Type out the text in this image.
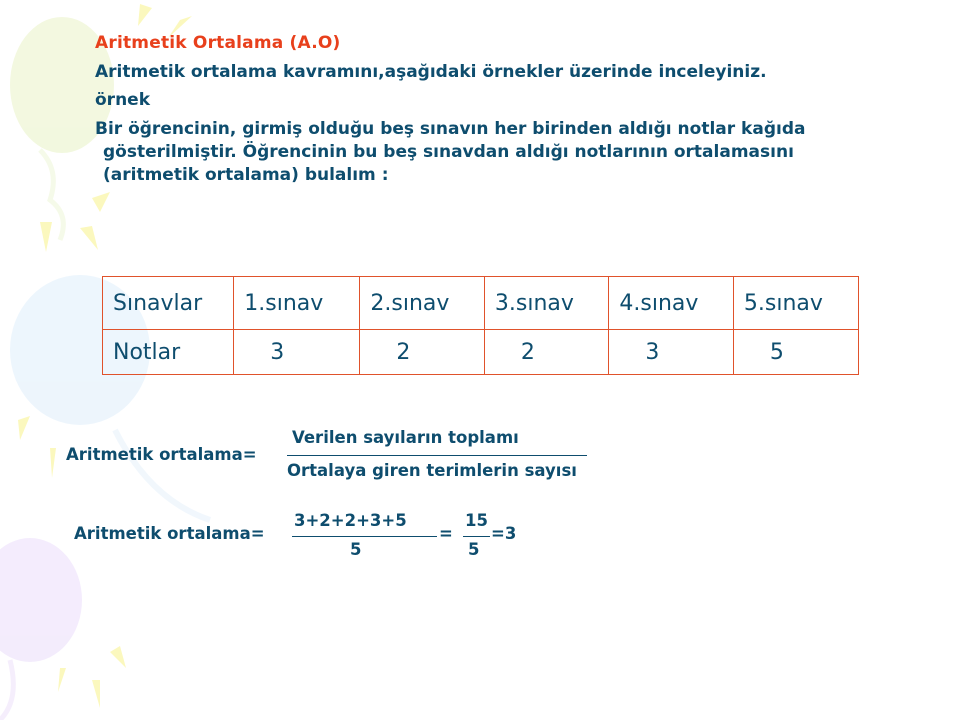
Aritmetik Ortalama (A.O)
Aritmetik ortalama kavramını,aşağıdaki örnekler üzerinde inceleyiniz.
örnek
Bir öğrencinin, girmiş olduğu beş sınavın her birinden aldığı notlar kağıda
gösterilmiştir. Öğrencinin bu beş sınavdan aldığı notlarının ortalamasını
(aritmetik ortalama) bulalım :
Sınavlar	1.sınav	2.sınav	3.sınav	4.sınav	5.sınav
Notlar	3	2	2	3	5
Aritmetik ortalama=
Verilen sayıların toplamı
Ortalaya giren terimlerin sayısı
Aritmetik ortalama=
3+2+2+3+5
5
=
15
5
=3
